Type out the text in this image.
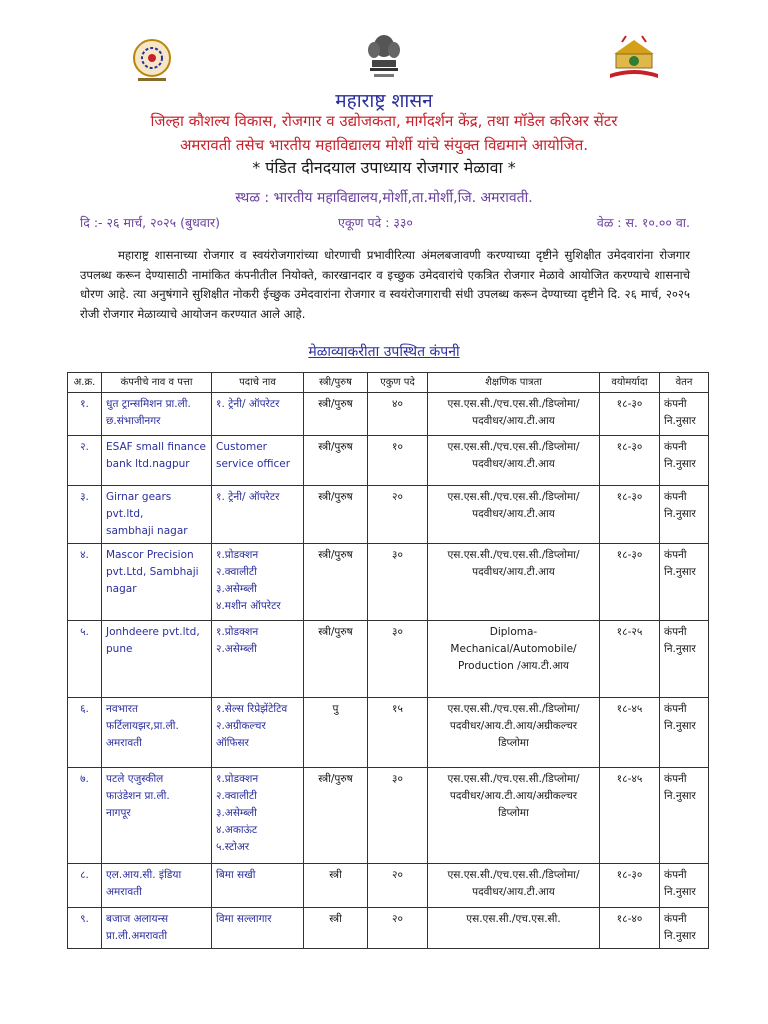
महाराष्ट्र शासन
जिल्हा कौशल्य विकास, रोजगार व उद्योजकता, मार्गदर्शन केंद्र, तथा मॉडेल करिअर सेंटर
अमरावती तसेच भारतीय महाविद्यालय मोर्शी यांचे संयुक्त विद्यमाने आयोजित.
* पंडित दीनदयाल उपाध्याय रोजगार मेळावा *
स्थळ : भारतीय महाविद्यालय,मोर्शी,ता.मोर्शी,जि. अमरावती.
दि :- २६ मार्च, २०२५ (बुधवार)	एकूण पदे : ३३०	वेळ : स. १०.०० वा.
महाराष्ट्र शासनाच्या रोजगार व स्वयंरोजगारांच्या धोरणाची प्रभावीरित्या अंमलबजावणी करण्याच्या दृष्टीने सुशिक्षीत उमेदवारांना रोजगार उपलब्ध करून देण्यासाठी नामांकित कंपनीतील नियोक्ते, कारखानदार व इच्छुक उमेदवारांचे एकत्रित रोजगार मेळावे आयोजित करण्याचे शासनाचे धोरण आहे. त्या अनुषंगाने सुशिक्षीत नोकरी ईच्छुक उमेदवारांना रोजगार व स्वयंरोजगाराची संधी उपलब्ध करून देण्याच्या दृष्टीने दि. २६ मार्च, २०२५ रोजी रोजगार मेळाव्याचे आयोजन करण्यात आले आहे.
मेळाव्याकरीता उपस्थित कंपनी
अ.क्र.	कंपनीचे नाव व पत्ता	पदाचे नाव	स्त्री/पुरुष	एकुण पदे	शैक्षणिक पात्रता	वयोमर्यादा	वेतन
१.	धुत ट्रान्समिशन प्रा.ली.
छ.संभाजीनगर	१. ट्रेनी/ ऑपरेटर	स्त्री/पुरुष	४०	एस.एस.सी./एच.एस.सी./डिप्लोमा/
पदवीधर/आय.टी.आय	१८-३०	कंपनी
नि.नुसार

२.	ESAF small finance
bank ltd.nagpur	Customer
service officer	स्त्री/पुरुष	१०	एस.एस.सी./एच.एस.सी./डिप्लोमा/
पदवीधर/आय.टी.आय	१८-३०	कंपनी
नि.नुसार

३.	Girnar gears pvt.ltd,
sambhaji nagar	१. ट्रेनी/ ऑपरेटर	स्त्री/पुरुष	२०	एस.एस.सी./एच.एस.सी./डिप्लोमा/
पदवीधर/आय.टी.आय	१८-३०	कंपनी
नि.नुसार

४.	Mascor Precision
pvt.Ltd, Sambhaji
nagar	१.प्रोडक्शन
२.क्वालीटी
३.असेम्ब्ली
४.मशीन ऑपरेटर	स्त्री/पुरुष	३०	एस.एस.सी./एच.एस.सी./डिप्लोमा/
पदवीधर/आय.टी.आय	१८-३०	कंपनी
नि.नुसार

५.	Jonhdeere pvt.ltd,
pune	१.प्रोडक्शन
२.असेम्ब्ली	स्त्री/पुरुष	३०	Diploma-Mechanical/Automobile/
Production /आय.टी.आय	१८-२५	कंपनी
नि.नुसार

६.	नवभारत
फर्टिलायझर,प्रा.ली.
अमरावती	१.सेल्स रिप्रेझेंटेटिव
२.अग्रीकल्चर
ऑफिसर	पु	१५	एस.एस.सी./एच.एस.सी./डिप्लोमा/
पदवीधर/आय.टी.आय/अग्रीकल्चर
डिप्लोमा	१८-४५	कंपनी
नि.नुसार

७.	पटले एजुस्कील
फाउंडेशन प्रा.ली.
नागपूर	१.प्रोडक्शन
२.क्वालीटी
३.असेम्ब्ली
४.अकाऊंट
५.स्टोअर	स्त्री/पुरुष	३०	एस.एस.सी./एच.एस.सी./डिप्लोमा/
पदवीधर/आय.टी.आय/अग्रीकल्चर
डिप्लोमा	१८-४५	कंपनी
नि.नुसार

८.	एल.आय.सी. इंडिया
अमरावती	बिमा सखी	स्त्री	२०	एस.एस.सी./एच.एस.सी./डिप्लोमा/
पदवीधर/आय.टी.आय	१८-३०	कंपनी
नि.नुसार

९.	बजाज अलायन्स
प्रा.ली.अमरावती	विमा सल्लागार	स्त्री	२०	एस.एस.सी./एच.एस.सी.	१८-४०	कंपनी
नि.नुसार
